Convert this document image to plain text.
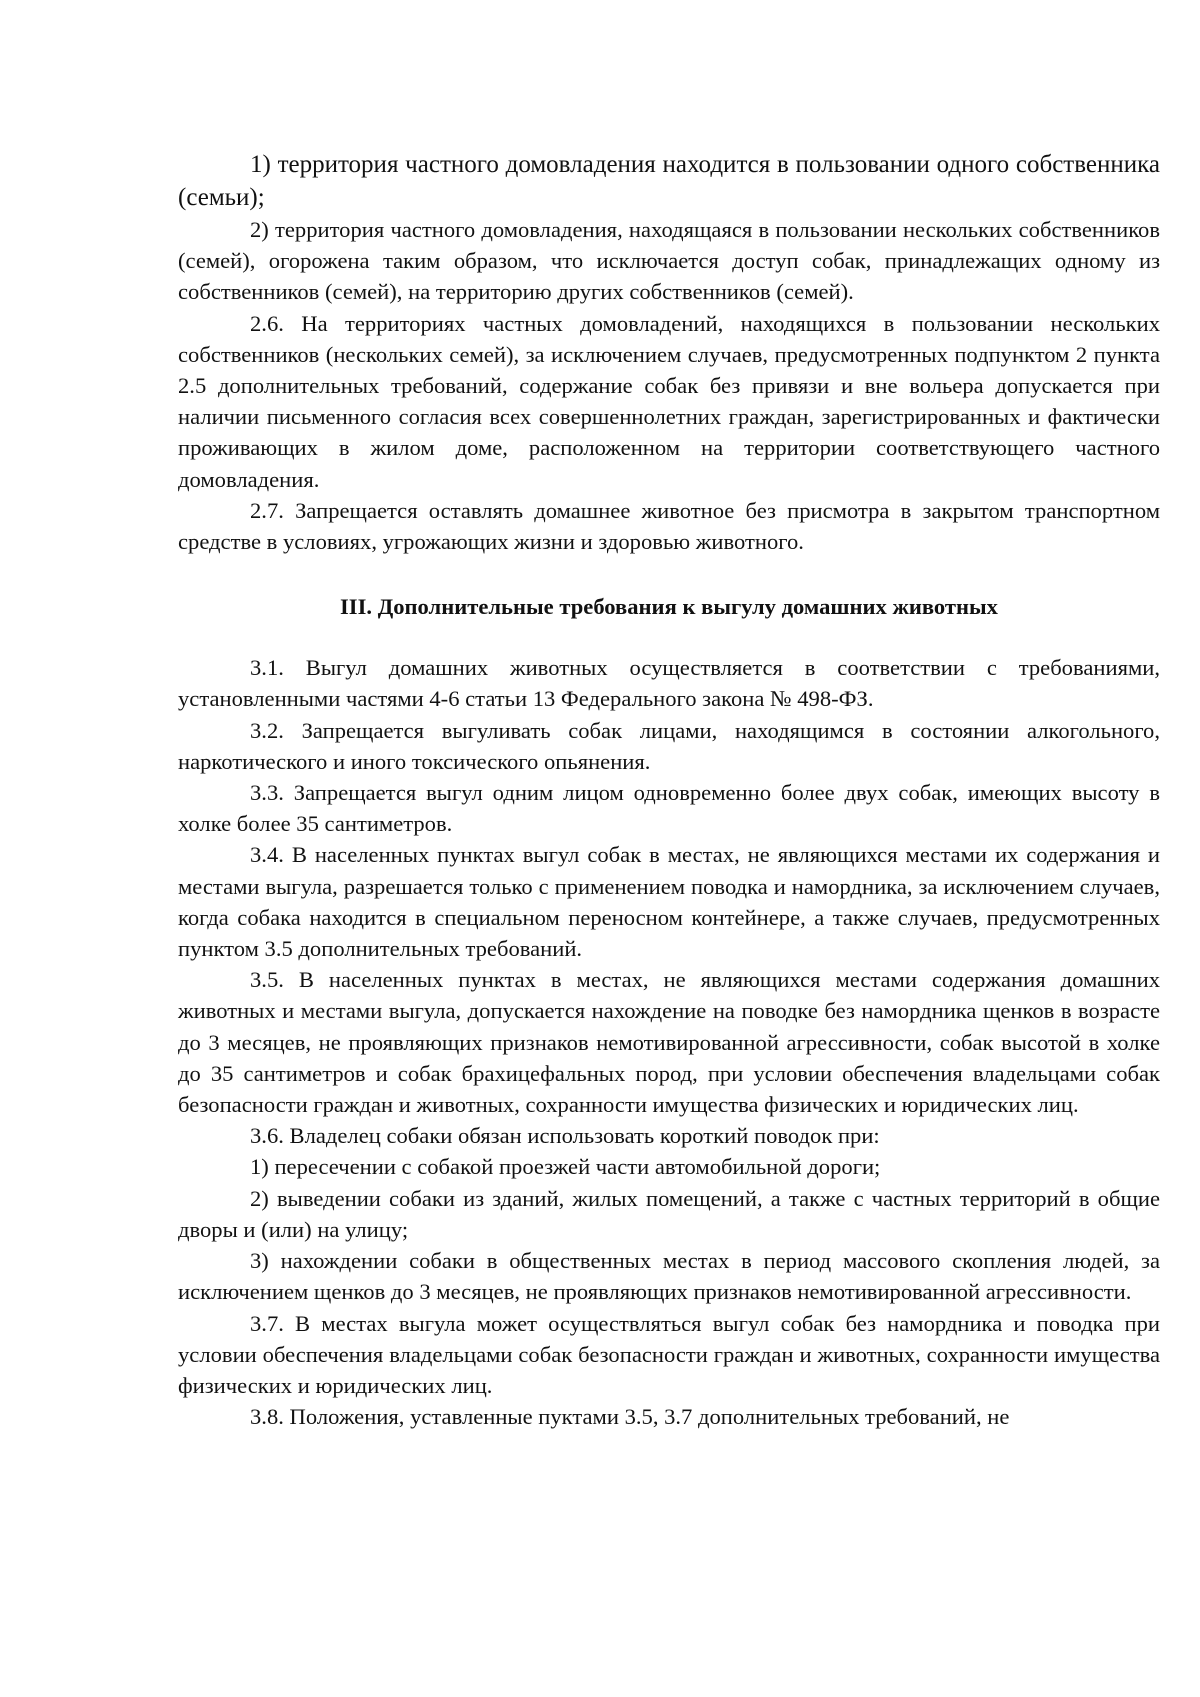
1) территория частного домовладения находится в пользовании одного собственника (семьи);

2) территория частного домовладения, находящаяся в пользовании нескольких собственников (семей), огорожена таким образом, что исключается доступ собак, принадлежащих одному из собственников (семей), на территорию других собственников (семей).

2.6. На территориях частных домовладений, находящихся в пользовании нескольких собственников (нескольких семей), за исключением случаев, предусмотренных подпунктом 2 пункта 2.5 дополнительных требований, содержание собак без привязи и вне вольера допускается при наличии письменного согласия всех совершеннолетних граждан, зарегистрированных и фактически проживающих в жилом доме, расположенном на территории соответствующего частного домовладения.

2.7. Запрещается оставлять домашнее животное без присмотра в закрытом транспортном средстве в условиях, угрожающих жизни и здоровью животного.

III. Дополнительные требования к выгулу домашних животных

3.1. Выгул домашних животных осуществляется в соответствии с требованиями, установленными частями 4-6 статьи 13 Федерального закона № 498-ФЗ.

3.2. Запрещается выгуливать собак лицами, находящимся в состоянии алкогольного, наркотического и иного токсического опьянения.

3.3. Запрещается выгул одним лицом одновременно более двух собак, имеющих высоту в холке более 35 сантиметров.

3.4. В населенных пунктах выгул собак в местах, не являющихся местами их содержания и местами выгула, разрешается только с применением поводка и намордника, за исключением случаев, когда собака находится в специальном переносном контейнере, а также случаев, предусмотренных пунктом 3.5 дополнительных требований.

3.5. В населенных пунктах в местах, не являющихся местами содержания домашних животных и местами выгула, допускается нахождение на поводке без намордника щенков в возрасте до 3 месяцев, не проявляющих признаков немотивированной агрессивности, собак высотой в холке до 35 сантиметров и собак брахицефальных пород, при условии обеспечения владельцами собак безопасности граждан и животных, сохранности имущества физических и юридических лиц.

3.6. Владелец собаки обязан использовать короткий поводок при:

1) пересечении с собакой проезжей части автомобильной дороги;

2) выведении собаки из зданий, жилых помещений, а также с частных территорий в общие дворы и (или) на улицу;

3) нахождении собаки в общественных местах в период массового скопления людей, за исключением щенков до 3 месяцев, не проявляющих признаков немотивированной агрессивности.

3.7. В местах выгула может осуществляться выгул собак без намордника и поводка при условии обеспечения владельцами собак безопасности граждан и животных, сохранности имущества физических и юридических лиц.

3.8. Положения, уставленные пуктами 3.5, 3.7 дополнительных требований, не
